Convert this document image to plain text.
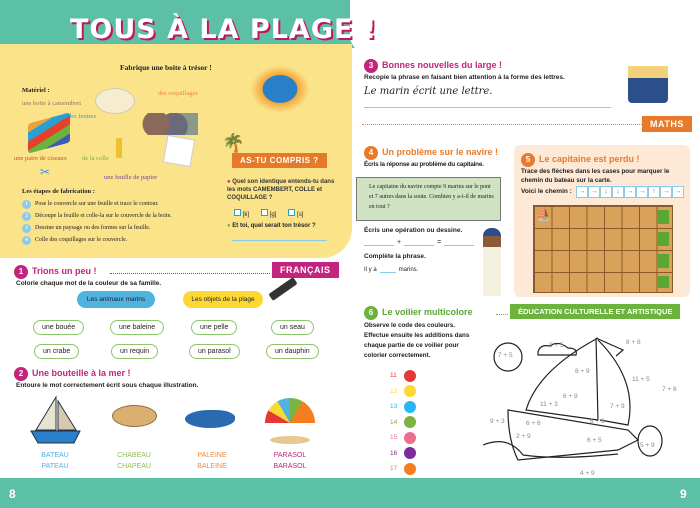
TOUS À LA PLAGE !
Fabrique une boite à trésor !
Matériel :
✂
une boite à camembert
des feutres
des coquillages
une paire de ciseaux de la colle
une feuille de papier
Les étapes de fabrication :
1 Pose le couvercle sur une feuille et trace le contour.
2 Découpe la feuille et colle-la sur le couvercle de la boite.
3 Dessine un paysage ou des formes sur la feuille.
4 Colle des coquillages sur le couvercle.
🌴
AS-TU COMPRIS ?
● Quel son identique entends-tu dans les mots CAMEMBERT, COLLE et COQUILLAGE ?
[k]	[g]	[s]
● Et toi, quel serait ton trésor ?
1 Trions un peu !	FRANÇAIS
Colorie chaque mot de la couleur de sa famille.
Les animaux marins	Les objets de la plage
une bouée	une baleine	une pelle	un seau
un crabe	un requin	un parasol	un dauphin
2 Une bouteille à la mer !
Entoure le mot correctement écrit sous chaque illustration.
BATEAU
PATEAU
CHABEAU
CHAPEAU
PALEINE
BALEINE
PARASOL
BARASOL
3 Bonnes nouvelles du large !
Recopie la phrase en faisant bien attention à la forme des lettres.
Le marin écrit une lettre.
MATHS
4 Un problème sur le navire !
Écris la réponse au problème du capitaine.
Le capitaine du navire compte 9 marins sur le pont et 7 autres dans la soute. Combien y a-t-il de marins en tout ?
Écris une opération ou dessine.
+	=
Complète la phrase.
Il y a	marins.
5 Le capitaine est perdu !
Trace des flèches dans les cases pour marquer le chemin du bateau sur la carte.
Voici le chemin : → → ↓	↓ → → ↑ → →
⛵
6 Le voilier multicolore	ÉDUCATION CULTURELLE ET ARTISTIQUE
Observe le code des couleurs. Effectue ensuite les additions dans chaque partie de ce voilier pour colorier correctement.
11
12
13
14
15
16
17
7 + 5
8 + 5	8 + 8
8 + 9
6 + 9
11 + 3
11 + 5
7 + 6
7 + 9
9 + 3	6 + 6
2 + 9
6 + 6
6 + 5
5 + 9
4 + 9
8	9
